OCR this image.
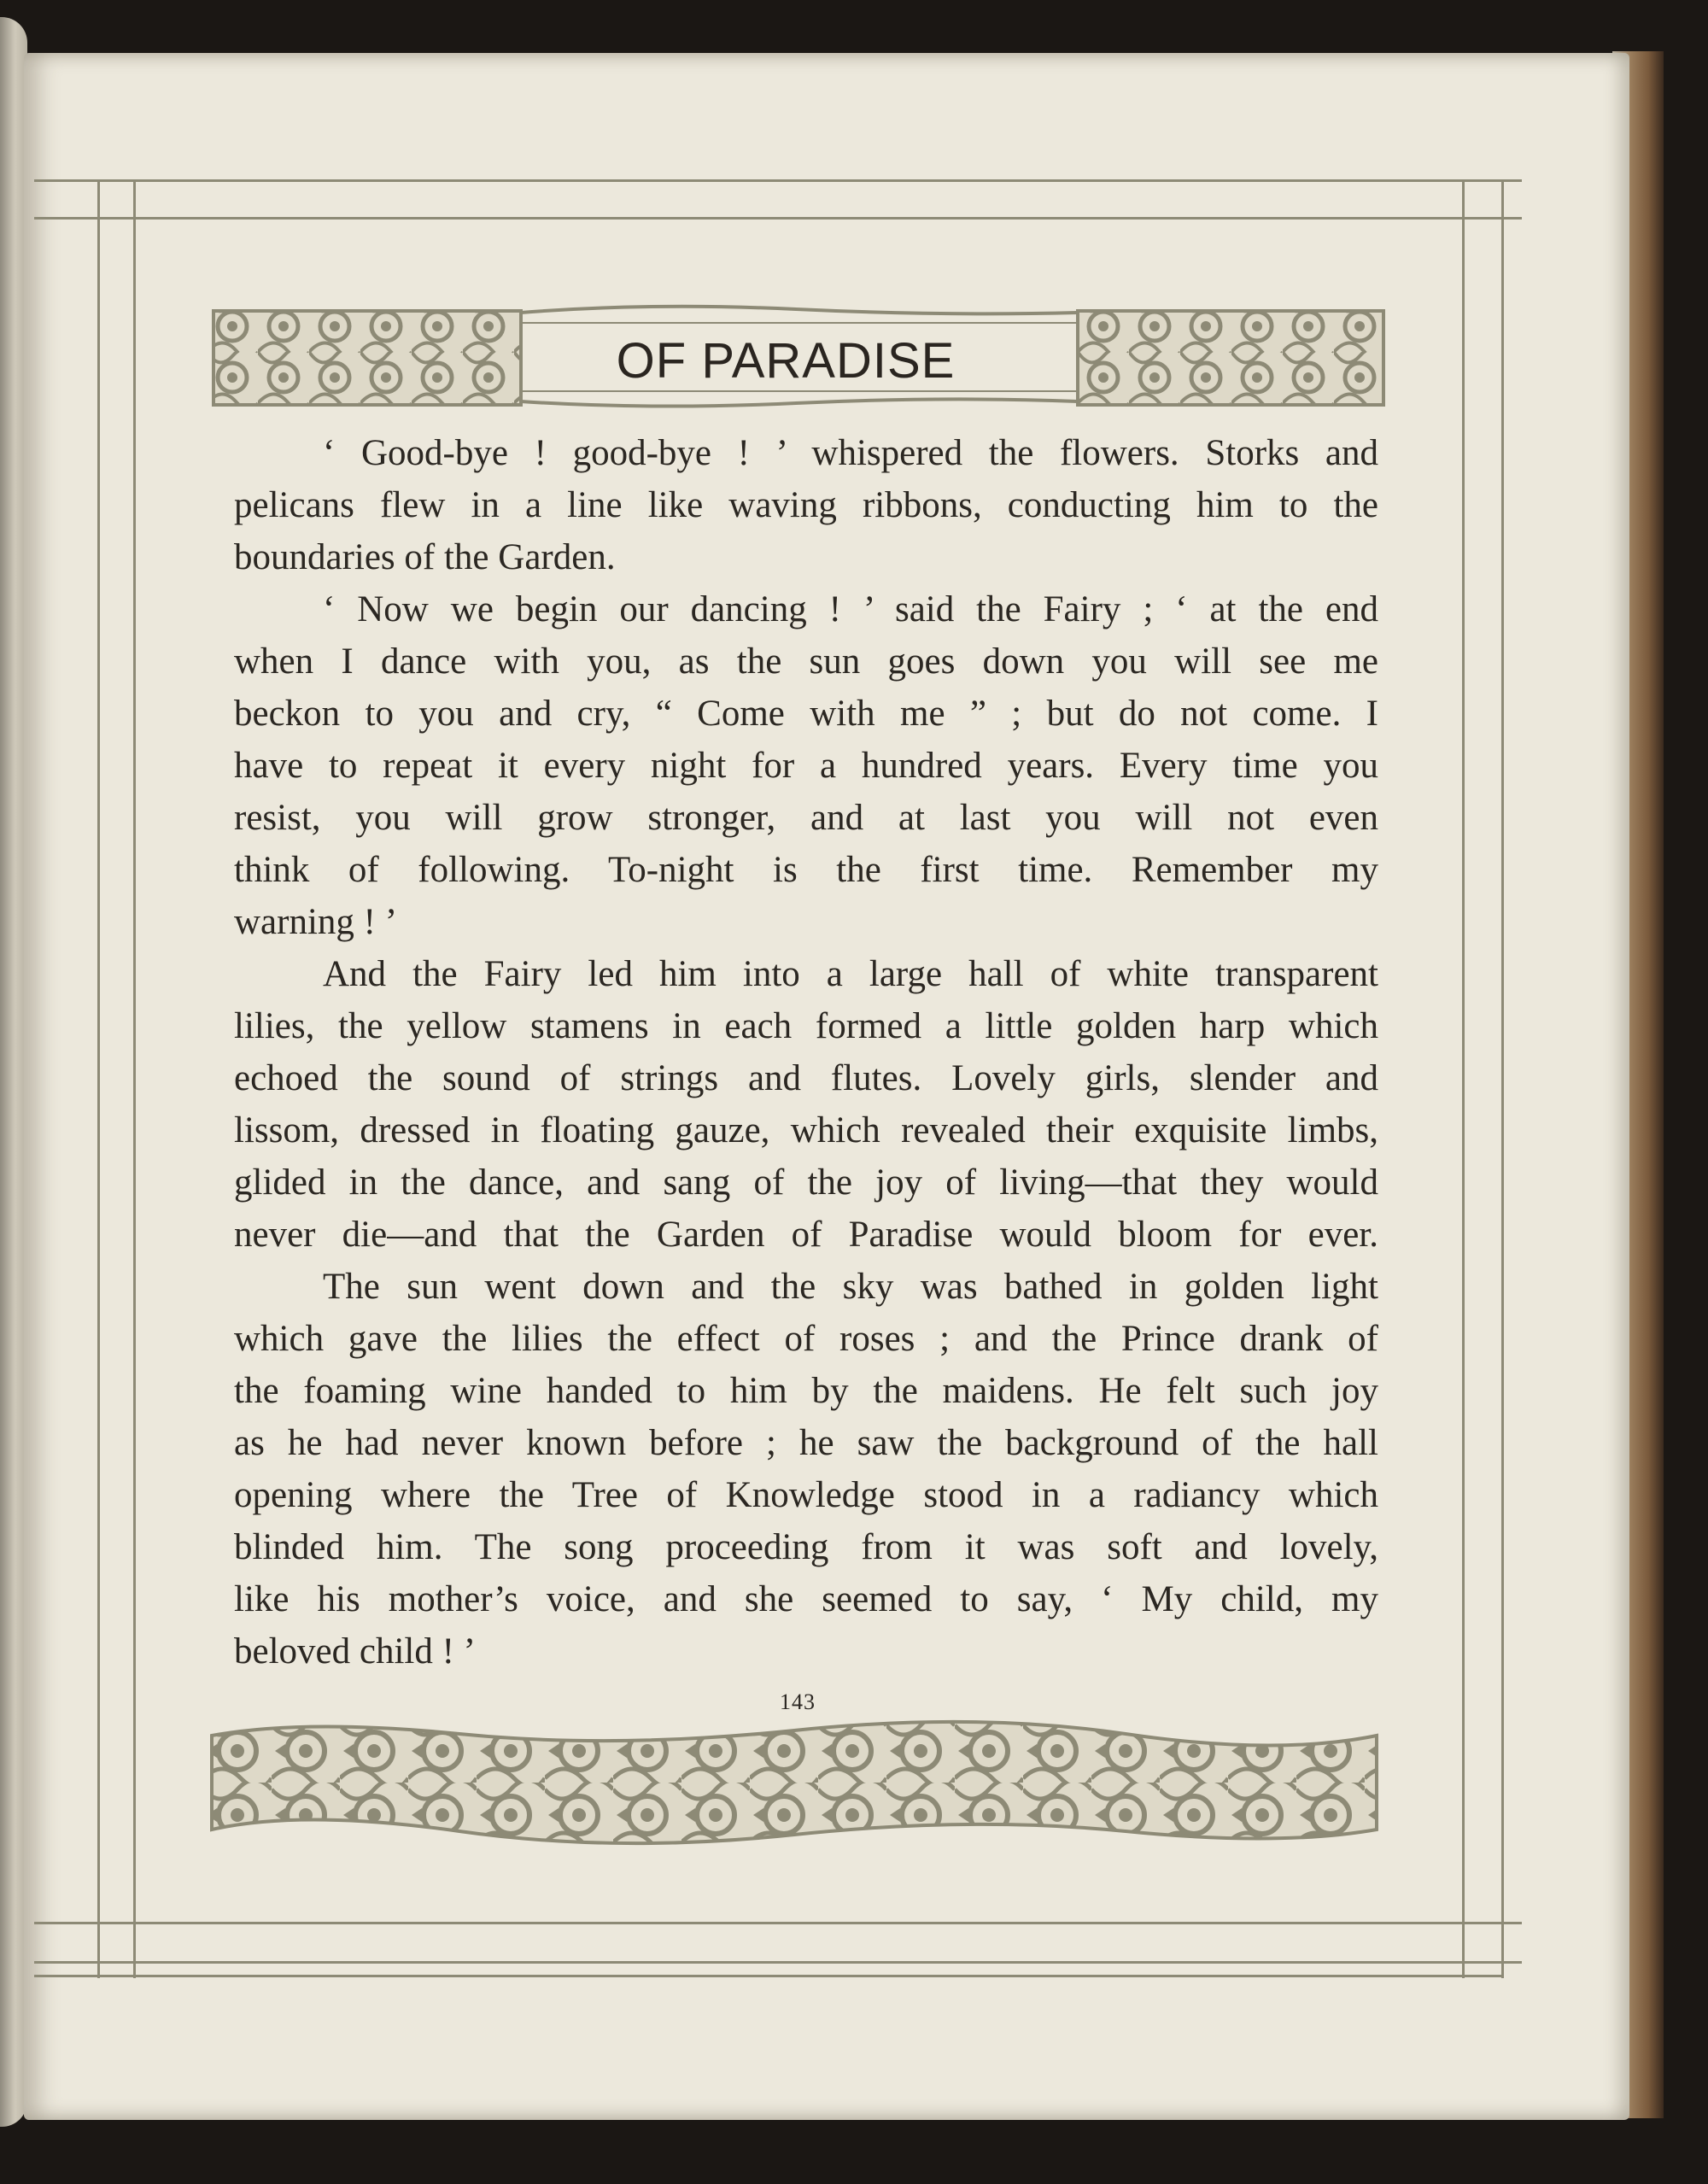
OF PARADISE
‘ Good-bye ! good-bye ! ’ whispered the flowers. Storks and
pelicans flew in a line like waving ribbons, conducting him to the
boundaries of the Garden.
‘ Now we begin our dancing ! ’ said the Fairy ; ‘ at the end
when I dance with you, as the sun goes down you will see me
beckon to you and cry, “ Come with me ” ; but do not come. I
have to repeat it every night for a hundred years. Every time you
resist, you will grow stronger, and at last you will not even
think of following. To-night is the first time. Remember my
warning ! ’
And the Fairy led him into a large hall of white transparent
lilies, the yellow stamens in each formed a little golden harp which
echoed the sound of strings and flutes. Lovely girls, slender and
lissom, dressed in floating gauze, which revealed their exquisite limbs,
glided in the dance, and sang of the joy of living—that they would
never die—and that the Garden of Paradise would bloom for ever.
The sun went down and the sky was bathed in golden light
which gave the lilies the effect of roses ; and the Prince drank of
the foaming wine handed to him by the maidens. He felt such joy
as he had never known before ; he saw the background of the hall
opening where the Tree of Knowledge stood in a radiancy which
blinded him. The song proceeding from it was soft and lovely,
like his mother’s voice, and she seemed to say, ‘ My child, my
beloved child ! ’
143
